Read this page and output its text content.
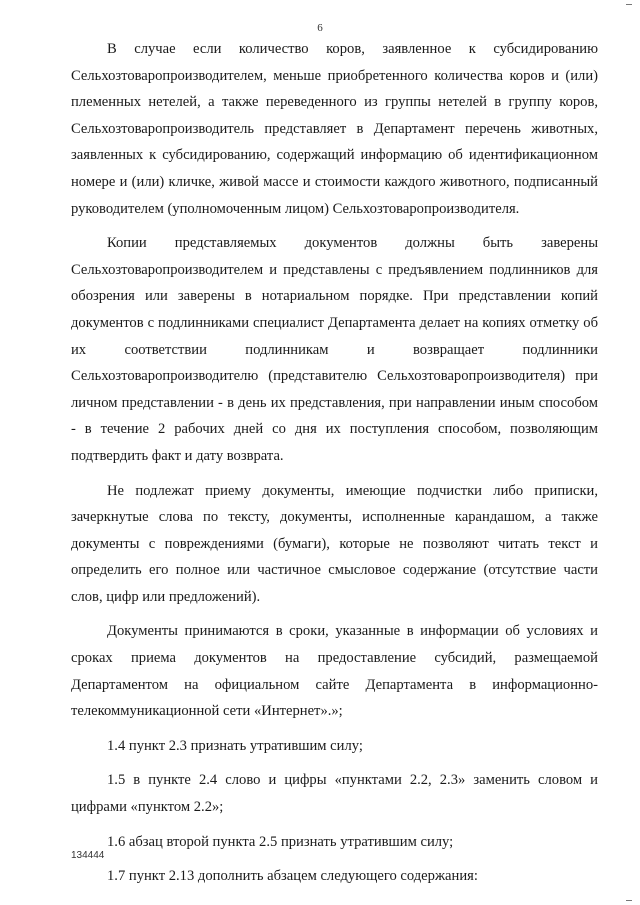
6

В случае если количество коров, заявленное к субсидированию Сельхозтоваропроизводителем, меньше приобретенного количества коров и (или) племенных нетелей, а также переведенного из группы нетелей в группу коров, Сельхозтоваропроизводитель представляет в Департамент перечень животных, заявленных к субсидированию, содержащий информацию об идентификационном номере и (или) кличке, живой массе и стоимости каждого животного, подписанный руководителем (уполномоченным лицом) Сельхозтоваропроизводителя.

Копии представляемых документов должны быть заверены Сельхозтоваропроизводителем и представлены с предъявлением подлинников для обозрения или заверены в нотариальном порядке. При представлении копий документов с подлинниками специалист Департамента делает на копиях отметку об их соответствии подлинникам и возвращает подлинники Сельхозтоваропроизводителю (представителю Сельхозтоваропроизводителя) при личном представлении - в день их представления, при направлении иным способом - в течение 2 рабочих дней со дня их поступления способом, позволяющим подтвердить факт и дату возврата.

Не подлежат приему документы, имеющие подчистки либо приписки, зачеркнутые слова по тексту, документы, исполненные карандашом, а также документы с повреждениями (бумаги), которые не позволяют читать текст и определить его полное или частичное смысловое содержание (отсутствие части слов, цифр или предложений).

Документы принимаются в сроки, указанные в информации об условиях и сроках приема документов на предоставление субсидий, размещаемой Департаментом на официальном сайте Департамента в информационно-телекоммуникационной сети «Интернет».»;

1.4 пункт 2.3 признать утратившим силу;

1.5 в пункте 2.4 слово и цифры «пунктами 2.2, 2.3» заменить словом и цифрами «пунктом 2.2»;

1.6 абзац второй пункта 2.5 признать утратившим силу;

1.7 пункт 2.13 дополнить абзацем следующего содержания:

134444
